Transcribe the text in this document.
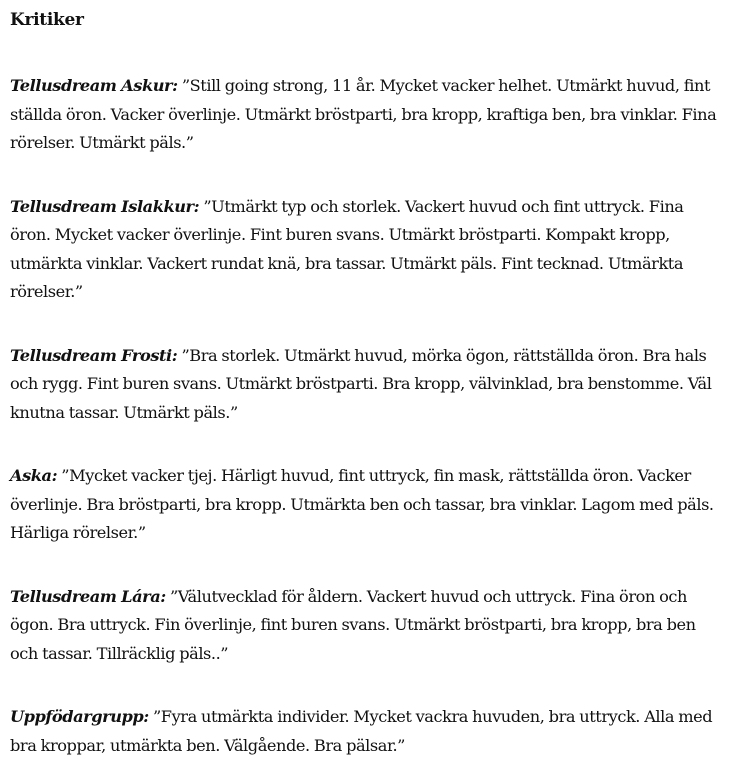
Kritiker

Tellusdream Askur: ”Still going strong, 11 år. Mycket vacker helhet. Utmärkt huvud, fint ställda öron. Vacker överlinje. Utmärkt bröstparti, bra kropp, kraftiga ben, bra vinklar. Fina rörelser. Utmärkt päls.”

Tellusdream Islakkur: ”Utmärkt typ och storlek. Vackert huvud och fint uttryck. Fina öron. Mycket vacker överlinje. Fint buren svans. Utmärkt bröstparti. Kompakt kropp, utmärkta vinklar. Vackert rundat knä, bra tassar. Utmärkt päls. Fint tecknad. Utmärkta rörelser.”

Tellusdream Frosti: ”Bra storlek. Utmärkt huvud, mörka ögon, rättställda öron. Bra hals och rygg. Fint buren svans. Utmärkt bröstparti. Bra kropp, välvinklad, bra benstomme. Väl knutna tassar. Utmärkt päls.”

Aska: ”Mycket vacker tjej. Härligt huvud, fint uttryck, fin mask, rättställda öron. Vacker överlinje. Bra bröstparti, bra kropp. Utmärkta ben och tassar, bra vinklar. Lagom med päls. Härliga rörelser.”

Tellusdream Lára: ”Välutvecklad för åldern. Vackert huvud och uttryck. Fina öron och ögon. Bra uttryck. Fin överlinje, fint buren svans. Utmärkt bröstparti, bra kropp, bra ben och tassar. Tillräcklig päls..”

Uppfödargrupp: ”Fyra utmärkta individer. Mycket vackra huvuden, bra uttryck. Alla med bra kroppar, utmärkta ben. Välgående. Bra pälsar.”
